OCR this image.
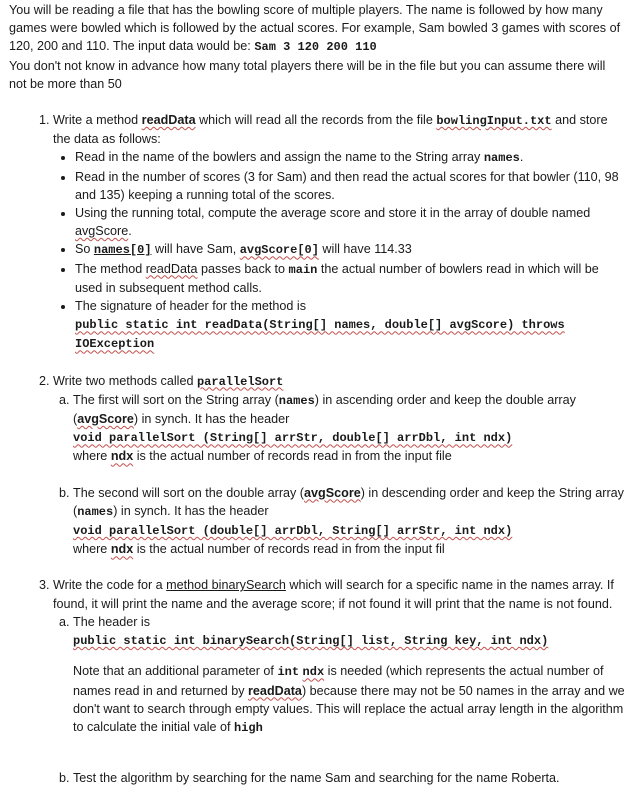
You will be reading a file that has the bowling score of multiple players. The name is followed by how many games were bowled which is followed by the actual scores. For example, Sam bowled 3 games with scores of 120, 200 and 110. The input data would be: Sam 3 120 200 110
You don't not know in advance how many total players there will be in the file but you can assume there will not be more than 50

1. Write a method readData which will read all the records from the file bowlingInput.txt and store the data as follows:

• Read in the name of the bowlers and assign the name to the String array names.
• Read in the number of scores (3 for Sam) and then read the actual scores for that bowler (110, 98 and 135) keeping a running total of the scores.
• Using the running total, compute the average score and store it in the array of double named avgScore.
• So names[0] will have Sam, avgScore[0] will have 114.33
• The method readData passes back to main the actual number of bowlers read in which will be used in subsequent method calls.
• The signature of header for the method is
public static int readData(String[] names, double[] avgScore) throws IOException

2. Write two methods called parallelSort

a. The first will sort on the String array (names) in ascending order and keep the double array (avgScore) in synch. It has the header
void parallelSort (String[] arrStr, double[] arrDbl, int ndx)
where ndx is the actual number of records read in from the input file
b. The second will sort on the double array (avgScore) in descending order and keep the String array (names) in synch. It has the header
void parallelSort (double[] arrDbl, String[] arrStr, int ndx)
where ndx is the actual number of records read in from the input fil

3. Write the code for a method binarySearch which will search for a specific name in the names array. If found, it will print the name and the average score; if not found it will print that the name is not found.

a. The header is
public static int binarySearch(String[] list, String key, int ndx)

Note that an additional parameter of int ndx is needed (which represents the actual number of names read in and returned by readData) because there may not be 50 names in the array and we don't want to search through empty values. This will replace the actual array length in the algorithm to calculate the initial vale of high

b. Test the algorithm by searching for the name Sam and searching for the name Roberta.
